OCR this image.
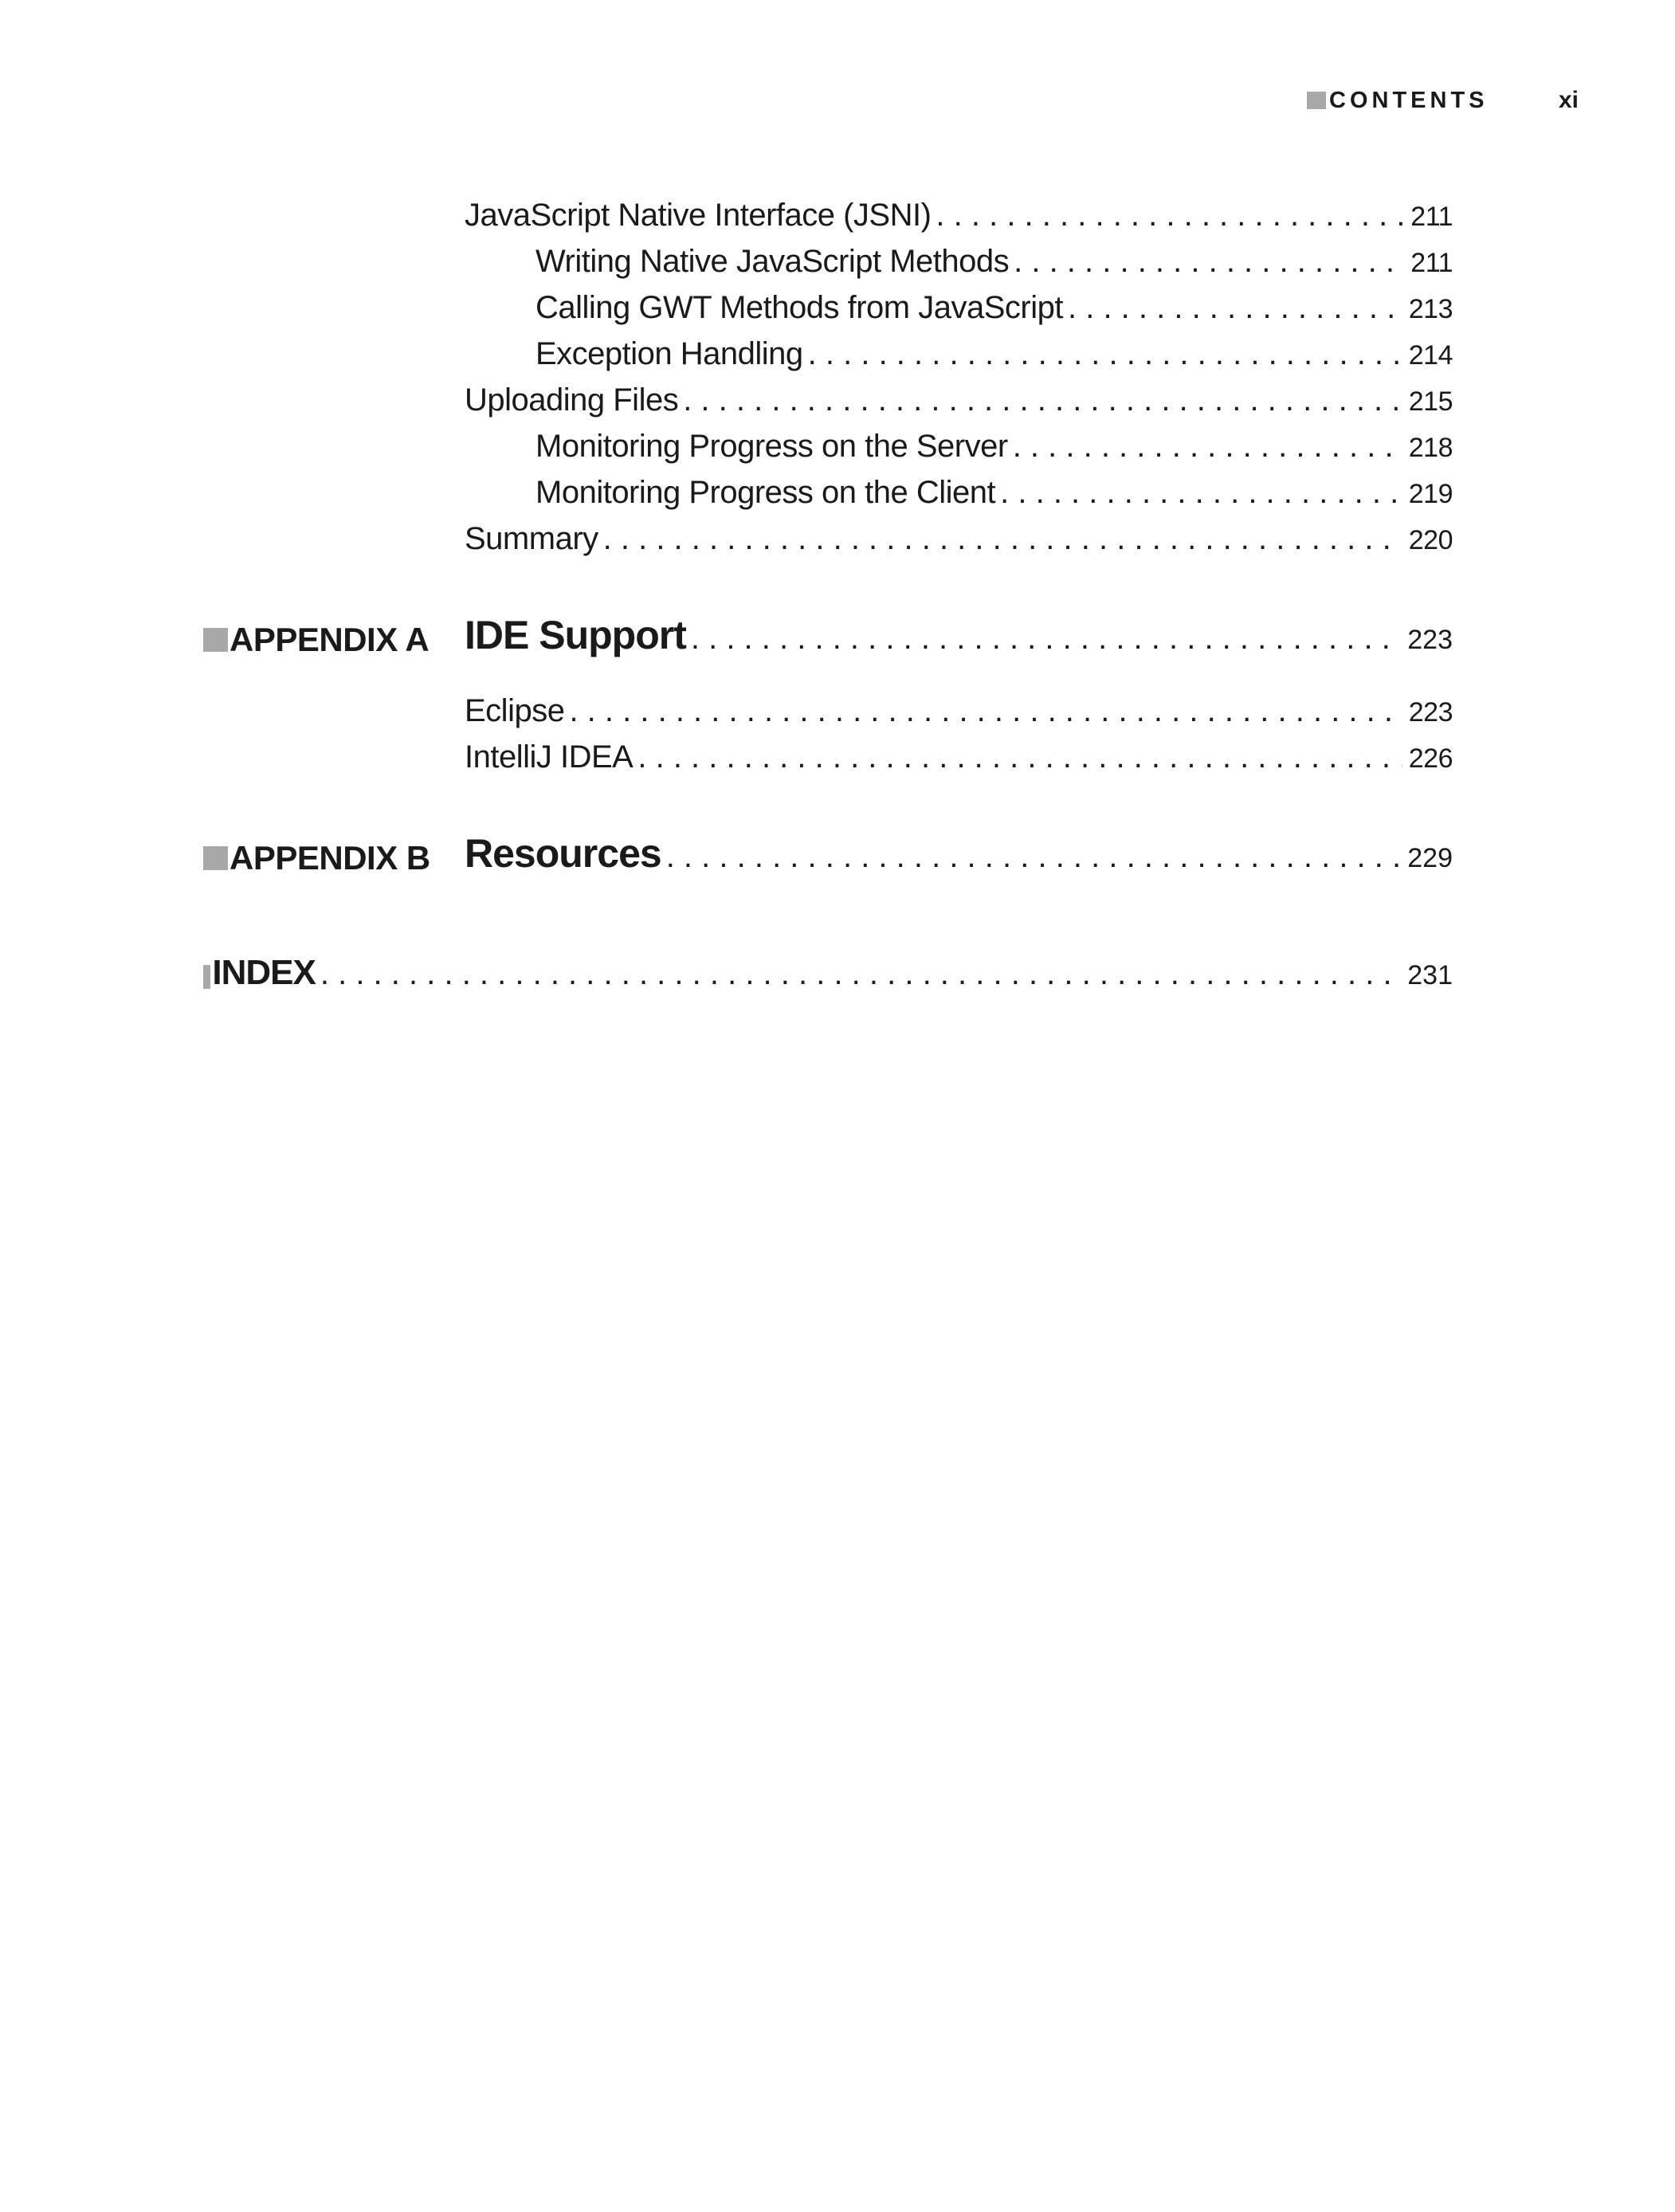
CONTENTS	xi
JavaScript Native Interface (JSNI) . . .	211
Writing Native JavaScript Methods . . .	211
Calling GWT Methods from JavaScript . . .	213
Exception Handling . . .	214
Uploading Files . . .	215
Monitoring Progress on the Server . . .	218
Monitoring Progress on the Client . . .	219
Summary . . .	220
APPENDIX A IDE Support . . .	223
Eclipse . . .	223
IntelliJ IDEA . . .	226
APPENDIX B Resources . . .	229
INDEX . . .	231
